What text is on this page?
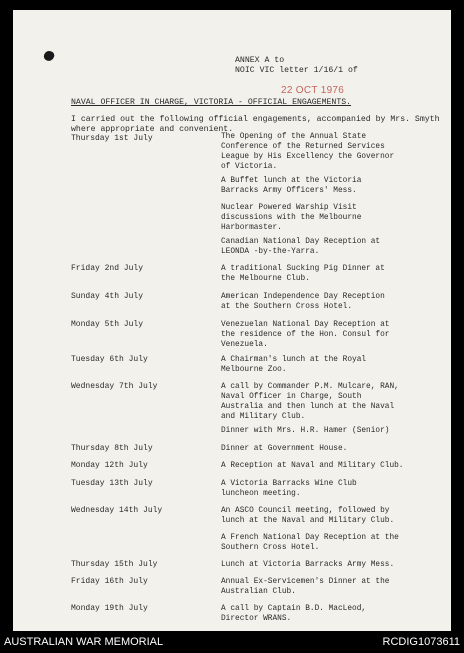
ANNEX A to
NOIC VIC letter 1/16/1 of
22 OCT 1976
NAVAL OFFICER IN CHARGE, VICTORIA - OFFICIAL ENGAGEMENTS.
I carried out the following official engagements, accompanied by Mrs. Smyth where appropriate and convenient.
Thursday 1st July
Friday 2nd July
Sunday 4th July
Monday 5th July
Tuesday 6th July
Wednesday 7th July
Thursday 8th July
Monday 12th July
Tuesday 13th July
Wednesday 14th July
Thursday 15th July
Friday 16th July
Monday 19th July
The Opening of the Annual State
Conference of the Returned Services
League by His Excellency the Governor
of Victoria.
A Buffet lunch at the Victoria
Barracks Army Officers' Mess.
Nuclear Powered Warship Visit
discussions with the Melbourne
Harbormaster.
Canadian National Day Reception at
LEONDA -by-the-Yarra.
A traditional Sucking Pig Dinner at
the Melbourne Club.
American Independence Day Reception
at the Southern Cross Hotel.
Venezuelan National Day Reception at
the residence of the Hon. Consul for
Venezuela.
A Chairman's lunch at the Royal
Melbourne Zoo.
A call by Commander P.M. Mulcare, RAN,
Naval Officer in Charge, South
Australia and then lunch at the Naval
and Military Club.
Dinner with Mrs. H.R. Hamer (Senior)
Dinner at Government House.
A Reception at Naval and Military Club.
A Victoria Barracks Wine Club
luncheon meeting.
An ASCO Council meeting, followed by
lunch at the Naval and Military Club.
A French National Day Reception at the
Southern Cross Hotel.
Lunch at Victoria Barracks Army Mess.
Annual Ex-Servicemen's Dinner at the
Australian Club.
A call by Captain B.D. MacLeod,
Director WRANS.
AUSTRALIAN WAR MEMORIAL	RCDIG1073611
